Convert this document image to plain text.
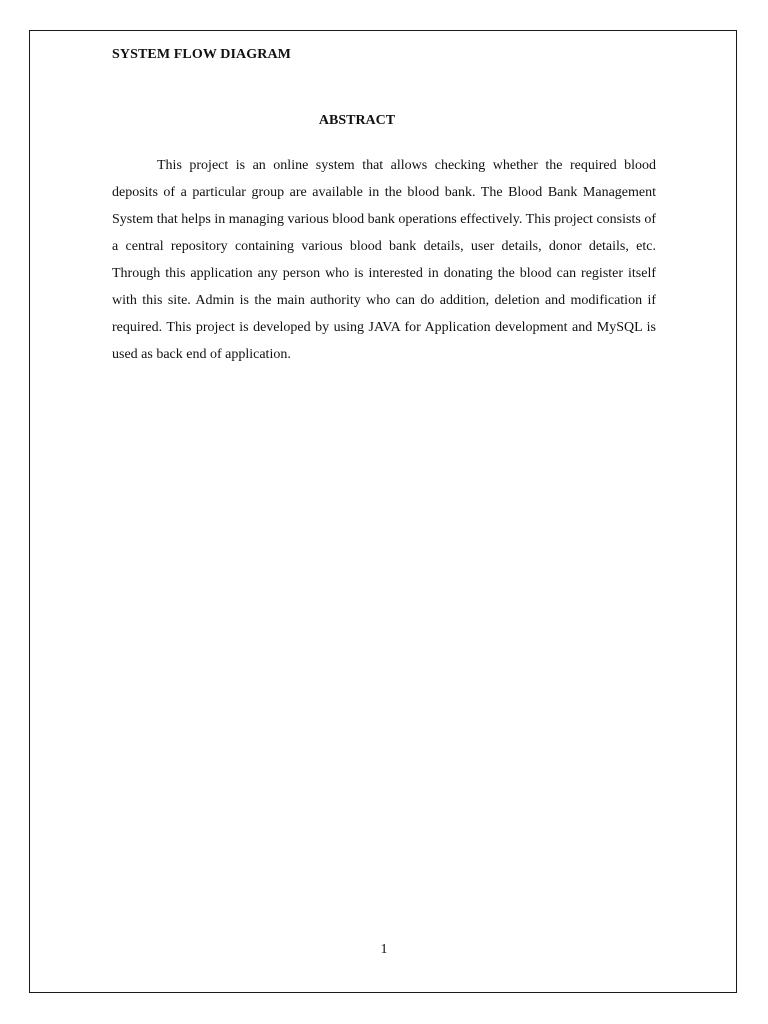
SYSTEM FLOW DIAGRAM
ABSTRACT

This project is an online system that allows checking whether the required blood deposits of a particular group are available in the blood bank. The Blood Bank Management System that helps in managing various blood bank operations effectively. This project consists of a central repository containing various blood bank details, user details, donor details, etc. Through this application any person who is interested in donating the blood can register itself with this site. Admin is the main authority who can do addition, deletion and modification if required. This project is developed by using JAVA for Application development and MySQL is used as back end of application.

1
